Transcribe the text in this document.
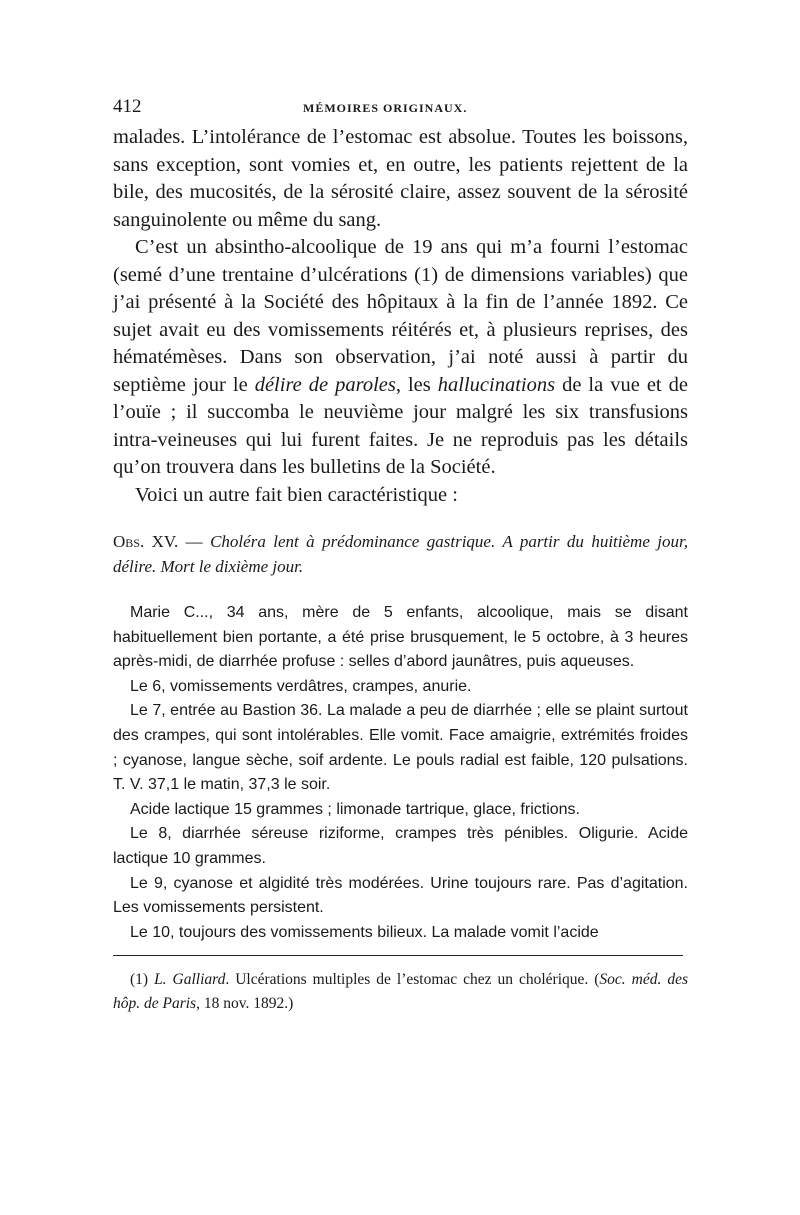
412	MÉMOIRES ORIGINAUX.

malades. L’intolérance de l’estomac est absolue. Toutes les boissons, sans exception, sont vomies et, en outre, les patients rejettent de la bile, des mucosités, de la sérosité claire, assez souvent de la sérosité sanguinolente ou même du sang.

C’est un absintho-alcoolique de 19 ans qui m’a fourni l’estomac (semé d’une trentaine d’ulcérations (1) de dimensions variables) que j’ai présenté à la Société des hôpitaux à la fin de l’année 1892. Ce sujet avait eu des vomissements réitérés et, à plusieurs reprises, des hématémèses. Dans son observation, j’ai noté aussi à partir du septième jour le délire de paroles, les hallucinations de la vue et de l’ouïe ; il succomba le neuvième jour malgré les six transfusions intra-veineuses qui lui furent faites. Je ne reproduis pas les détails qu’on trouvera dans les bulletins de la Société.

Voici un autre fait bien caractéristique :

Obs. XV. — Choléra lent à prédominance gastrique. A partir du huitième jour, délire. Mort le dixième jour.

Marie C..., 34 ans, mère de 5 enfants, alcoolique, mais se disant habituellement bien portante, a été prise brusquement, le 5 octobre, à 3 heures après-midi, de diarrhée profuse : selles d’abord jaunâtres, puis aqueuses.

Le 6, vomissements verdâtres, crampes, anurie.

Le 7, entrée au Bastion 36. La malade a peu de diarrhée ; elle se plaint surtout des crampes, qui sont intolérables. Elle vomit. Face amaigrie, extrémités froides ; cyanose, langue sèche, soif ardente. Le pouls radial est faible, 120 pulsations. T. V. 37,1 le matin, 37,3 le soir.

Acide lactique 15 grammes ; limonade tartrique, glace, frictions.

Le 8, diarrhée séreuse riziforme, crampes très pénibles. Oligurie. Acide lactique 10 grammes.

Le 9, cyanose et algidité très modérées. Urine toujours rare. Pas d’agitation. Les vomissements persistent.

Le 10, toujours des vomissements bilieux. La malade vomit l’acide

(1) L. Galliard. Ulcérations multiples de l’estomac chez un cholérique. (Soc. méd. des hôp. de Paris, 18 nov. 1892.)
